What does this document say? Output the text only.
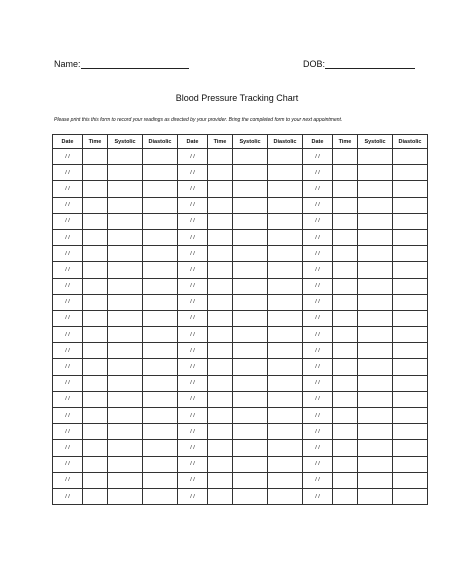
Name:	DOB:
Blood Pressure Tracking Chart
Please print this this form to record your readings as directed by your provider. Bring the completed form to your next appointment.
Date	Time	Systolic	Diastolic	Date	Time	Systolic	Diastolic	Date	Time	Systolic	Diastolic
/ /				/ /				/ /			
/ /				/ /				/ /			
/ /				/ /				/ /			
/ /				/ /				/ /			
/ /				/ /				/ /			
/ /				/ /				/ /			
/ /				/ /				/ /			
/ /				/ /				/ /			
/ /				/ /				/ /			
/ /				/ /				/ /			
/ /				/ /				/ /			
/ /				/ /				/ /			
/ /				/ /				/ /			
/ /				/ /				/ /			
/ /				/ /				/ /			
/ /				/ /				/ /			
/ /				/ /				/ /			
/ /				/ /				/ /			
/ /				/ /				/ /			
/ /				/ /				/ /			
/ /				/ /				/ /			
/ /				/ /				/ /			
